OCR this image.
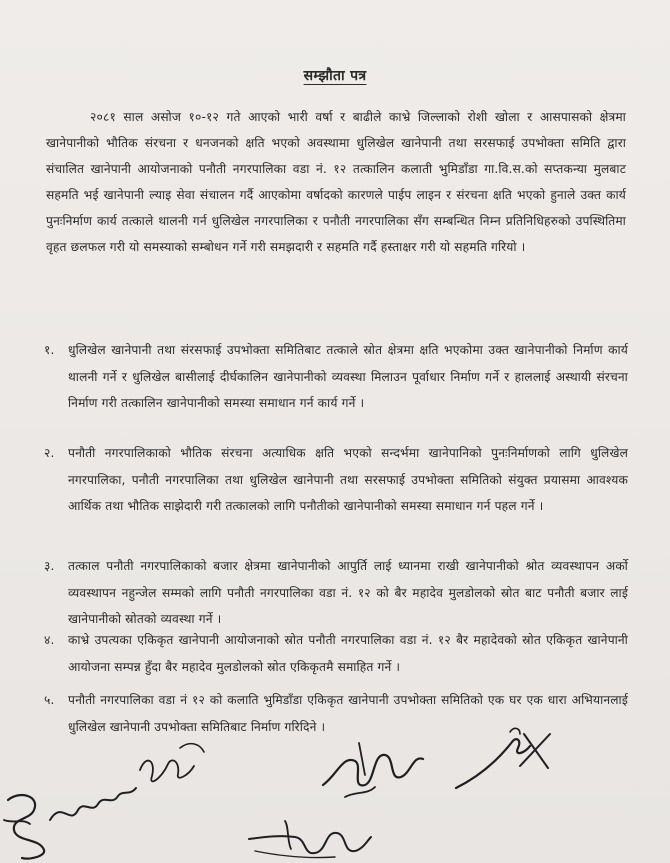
सम्झौता पत्र
२०८१ साल असोज १०-१२ गते आएको भारी वर्षा र बाढीले काभ्रे जिल्लाको रोशी खोला र आसपासको क्षेत्रमा खानेपानीको भौतिक संरचना र धनजनको क्षति भएको अवस्थामा धुलिखेल खानेपानी तथा सरसफाई उपभोक्ता समिति द्वारा संचालित खानेपानी आयोजनाको पनौती नगरपालिका वडा नं. १२ तत्कालिन कलाती भुमिडाँडा गा.वि.स.को सप्तकन्या मुलबाट सहमति भई खानेपानी ल्याइ सेवा संचालन गर्दै आएकोमा वर्षादको कारणले पाईप लाइन र संरचना क्षति भएको हुनाले उक्त कार्य पुनःनिर्माण कार्य तत्काले थालनी गर्न धुलिखेल नगरपालिका र पनौती नगरपालिका सँग सम्बन्धित निम्न प्रतिनिधिहरुको उपस्थितिमा वृहत छलफल गरी यो समस्याको सम्बोधन गर्ने गरी समझदारी र सहमति गर्दै हस्ताक्षर गरी यो सहमति गरियो ।
१.	धुलिखेल खानेपानी तथा संरसफाई उपभोक्ता समितिबाट तत्काले स्रोत क्षेत्रमा क्षति भएकोमा उक्त खानेपानीको निर्माण कार्य थालनी गर्ने र धुलिखेल बासीलाई दीर्घकालिन खानेपानीको व्यवस्था मिलाउन पूर्वाधार निर्माण गर्ने र हाललाई अस्थायी संरचना निर्माण गरी तत्कालिन खानेपानीको समस्या समाधान गर्न कार्य गर्ने ।
२.	पनौती नगरपालिकाको भौतिक संरचना अत्याधिक क्षति भएको सन्दर्भमा खानेपानिको पुनःनिर्माणको लागि धुलिखेल नगरपालिका, पनौती नगरपालिका तथा धुलिखेल खानेपानी तथा सरसफाई उपभोक्ता समितिको संयुक्त प्रयासमा आवश्यक आर्थिक तथा भौतिक साझेदारी गरी तत्कालको लागि पनौतीको खानेपानीको समस्या समाधान गर्न पहल गर्ने ।
३.	तत्काल पनौती नगरपालिकाको बजार क्षेत्रमा खानेपानीको आपुर्ति लाई ध्यानमा राखी खानेपानीको श्रोत व्यवस्थापन अर्को व्यवस्थापन नहुन्जेल सम्मको लागि पनौती नगरपालिका वडा नं. १२ को बैर महादेव मुलडोलको स्रोत बाट पनौती बजार लाई खानेपानीको स्रोतको व्यवस्था गर्ने ।
४.	काभ्रे उपत्यका एकिकृत खानेपानी आयोजनाको स्रोत पनौती नगरपालिका वडा नं. १२ बैर महादेवको स्रोत एकिकृत खानेपानी आयोजना सम्पन्न हुँदा बैर महादेव मुलडोलको स्रोत एकिकृतमै समाहित गर्ने ।
५.	पनौती नगरपालिका वडा नं १२ को कलाति भुमिडाँडा एकिकृत खानेपानी उपभोक्ता समितिको एक घर एक धारा अभियानलाई धुलिखेल खानेपानी उपभोक्ता समितिबाट निर्माण गरिदिने ।
